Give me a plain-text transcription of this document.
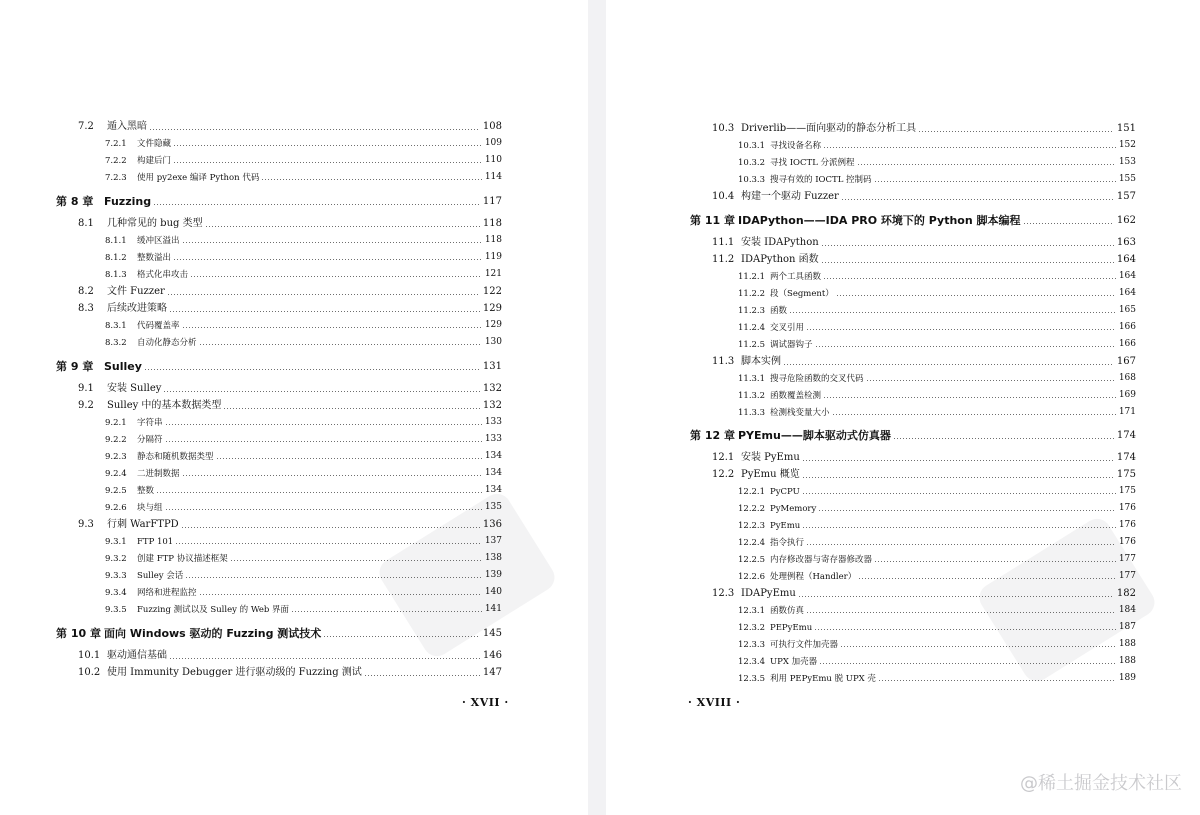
7.2 遁入黑暗	108
7.2.1 文件隐藏	109
7.2.2 构建后门	110
7.2.3 使用 py2exe 编译 Python 代码	114
第 8 章 Fuzzing	117
8.1 几种常见的 bug 类型	118
8.1.1 缓冲区溢出	118
8.1.2 整数溢出	119
8.1.3 格式化串攻击	121
8.2 文件 Fuzzer	122
8.3 后续改进策略	129
8.3.1 代码覆盖率	129
8.3.2 自动化静态分析	130
第 9 章 Sulley	131
9.1 安装 Sulley	132
9.2 Sulley 中的基本数据类型	132
9.2.1 字符串	133
9.2.2 分隔符	133
9.2.3 静态和随机数据类型	134
9.2.4 二进制数据	134
9.2.5 整数	134
9.2.6 块与组	135
9.3 行刺 WarFTPD	136
9.3.1 FTP 101	137
9.3.2 创建 FTP 协议描述框架	138
9.3.3 Sulley 会话	139
9.3.4 网络和进程监控	140
9.3.5 Fuzzing 测试以及 Sulley 的 Web 界面	141
第 10 章 面向 Windows 驱动的 Fuzzing 测试技术	145
10.1 驱动通信基础	146
10.2 使用 Immunity Debugger 进行驱动级的 Fuzzing 测试	147
· XVII ·
10.3 Driverlib——面向驱动的静态分析工具	151
10.3.1 寻找设备名称	152
10.3.2 寻找 IOCTL 分派例程	153
10.3.3 搜寻有效的 IOCTL 控制码	155
10.4 构建一个驱动 Fuzzer	157
第 11 章 IDAPython——IDA PRO 环境下的 Python 脚本编程	162
11.1 安装 IDAPython	163
11.2 IDAPython 函数	164
11.2.1 两个工具函数	164
11.2.2 段（Segment）	164
11.2.3 函数	165
11.2.4 交叉引用	166
11.2.5 调试器钩子	166
11.3 脚本实例	167
11.3.1 搜寻危险函数的交叉代码	168
11.3.2 函数覆盖检测	169
11.3.3 检测栈变量大小	171
第 12 章 PYEmu——脚本驱动式仿真器	174
12.1 安装 PyEmu	174
12.2 PyEmu 概览	175
12.2.1 PyCPU	175
12.2.2 PyMemory	176
12.2.3 PyEmu	176
12.2.4 指令执行	176
12.2.5 内存修改器与寄存器修改器	177
12.2.6 处理例程（Handler）	177
12.3 IDAPyEmu	182
12.3.1 函数仿真	184
12.3.2 PEPyEmu	187
12.3.3 可执行文件加壳器	188
12.3.4 UPX 加壳器	188
12.3.5 利用 PEPyEmu 脱 UPX 壳	189
· XVIII ·
@稀土掘金技术社区
